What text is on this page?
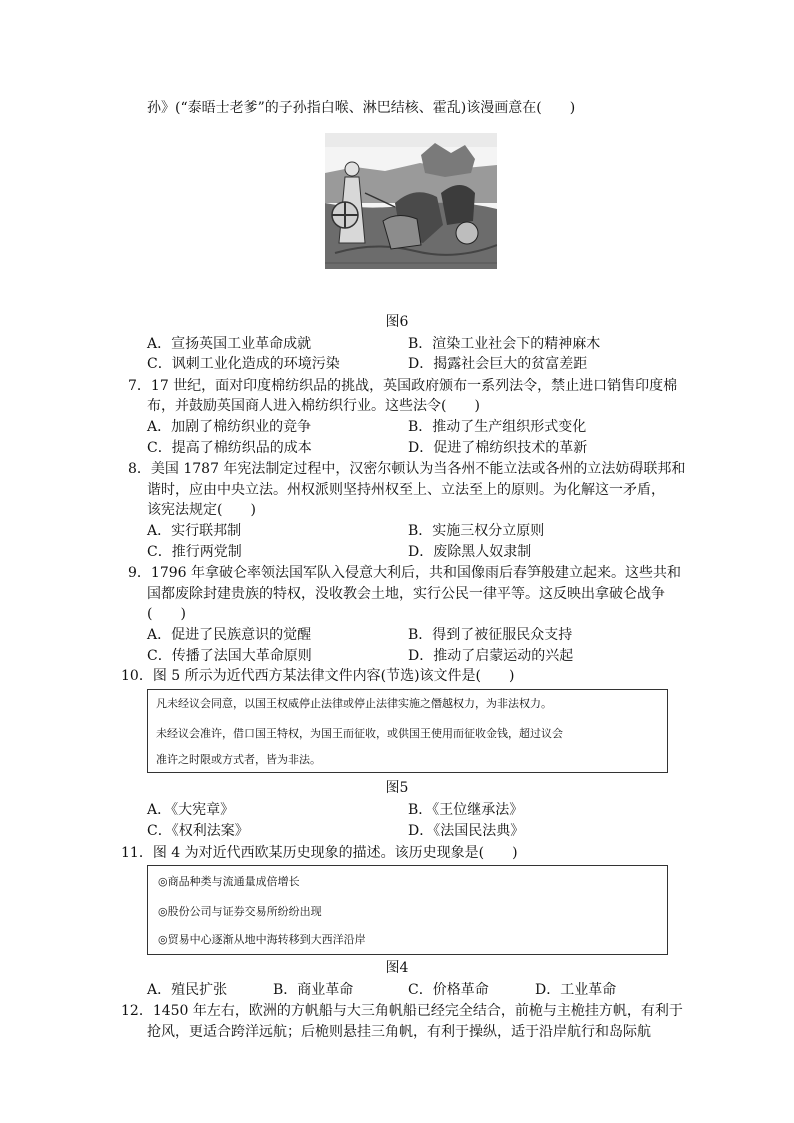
孙》(“泰晤士老爹”的子孙指白喉、淋巴结核、霍乱)该漫画意在(　　)
图6
A．宣扬英国工业革命成就	B．渲染工业社会下的精神麻木
C．讽刺工业化造成的环境污染	D．揭露社会巨大的贫富差距
7．17 世纪，面对印度棉纺织品的挑战，英国政府颁布一系列法令，禁止进口销售印度棉
布，并鼓励英国商人进入棉纺织行业。这些法令(　　)
A．加剧了棉纺织业的竞争	B．推动了生产组织形式变化
C．提高了棉纺织品的成本	D．促进了棉纺织技术的革新
8．美国 1787 年宪法制定过程中，汉密尔顿认为当各州不能立法或各州的立法妨碍联邦和
谐时，应由中央立法。州权派则坚持州权至上、立法至上的原则。为化解这一矛盾，
该宪法规定(　　)
A．实行联邦制	B．实施三权分立原则
C．推行两党制	D．废除黑人奴隶制
9．1796 年拿破仑率领法国军队入侵意大利后，共和国像雨后春笋般建立起来。这些共和
国都废除封建贵族的特权，没收教会土地，实行公民一律平等。这反映出拿破仑战争
(　　)
A．促进了民族意识的觉醒	B．得到了被征服民众支持
C．传播了法国大革命原则	D．推动了启蒙运动的兴起
10．图 5 所示为近代西方某法律文件内容(节选)该文件是(　　)
凡未经议会同意，以国王权威停止法律或停止法律实施之僭越权力，为非法权力。
未经议会准许，借口国王特权，为国王而征收，或供国王使用而征收金钱，超过议会
准许之时限或方式者，皆为非法。
图5
A．《大宪章》	B．《王位继承法》
C．《权利法案》	D．《法国民法典》
11．图 4 为对近代西欧某历史现象的描述。该历史现象是(　　)
◎商品种类与流通量成倍增长
◎股份公司与证券交易所纷纷出现
◎贸易中心逐渐从地中海转移到大西洋沿岸
图4
A．殖民扩张	B．商业革命	C．价格革命	D．工业革命
12．1450 年左右，欧洲的方帆船与大三角帆船已经完全结合，前桅与主桅挂方帆，有利于
抢风，更适合跨洋远航；后桅则悬挂三角帆，有利于操纵，适于沿岸航行和岛际航
